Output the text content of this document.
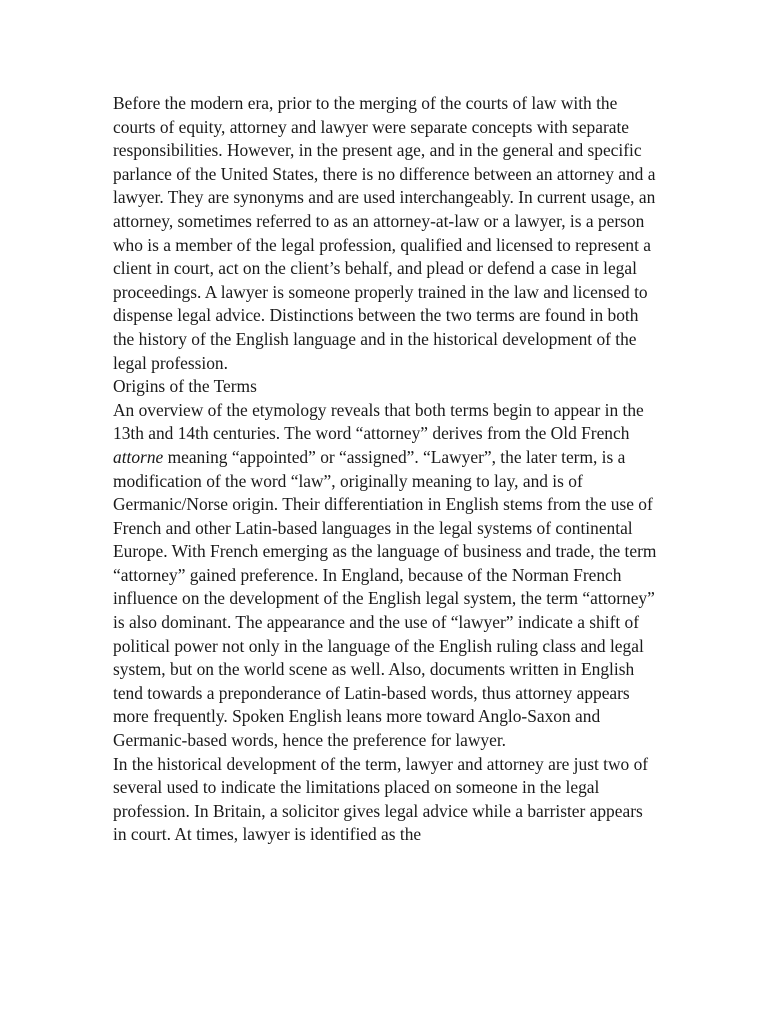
Before the modern era, prior to the merging of the courts of law with the courts of equity, attorney and lawyer were separate concepts with separate responsibilities. However, in the present age, and in the general and specific parlance of the United States, there is no difference between an attorney and a lawyer. They are synonyms and are used interchangeably. In current usage, an attorney, sometimes referred to as an attorney-at-law or a lawyer, is a person who is a member of the legal profession, qualified and licensed to represent a client in court, act on the client’s behalf, and plead or defend a case in legal proceedings. A lawyer is someone properly trained in the law and licensed to dispense legal advice. Distinctions between the two terms are found in both the history of the English language and in the historical development of the legal profession.

Origins of the Terms

An overview of the etymology reveals that both terms begin to appear in the 13th and 14th centuries. The word “attorney” derives from the Old French attorne meaning “appointed” or “assigned”. “Lawyer”, the later term, is a modification of the word “law”, originally meaning to lay, and is of Germanic/Norse origin. Their differentiation in English stems from the use of French and other Latin-based languages in the legal systems of continental Europe. With French emerging as the language of business and trade, the term “attorney” gained preference. In England, because of the Norman French influence on the development of the English legal system, the term “attorney” is also dominant. The appearance and the use of “lawyer” indicate a shift of political power not only in the language of the English ruling class and legal system, but on the world scene as well. Also, documents written in English tend towards a preponderance of Latin-based words, thus attorney appears more frequently. Spoken English leans more toward Anglo-Saxon and Germanic-based words, hence the preference for lawyer.

In the historical development of the term, lawyer and attorney are just two of several used to indicate the limitations placed on someone in the legal profession. In Britain, a solicitor gives legal advice while a barrister appears in court. At times, lawyer is identified as the
